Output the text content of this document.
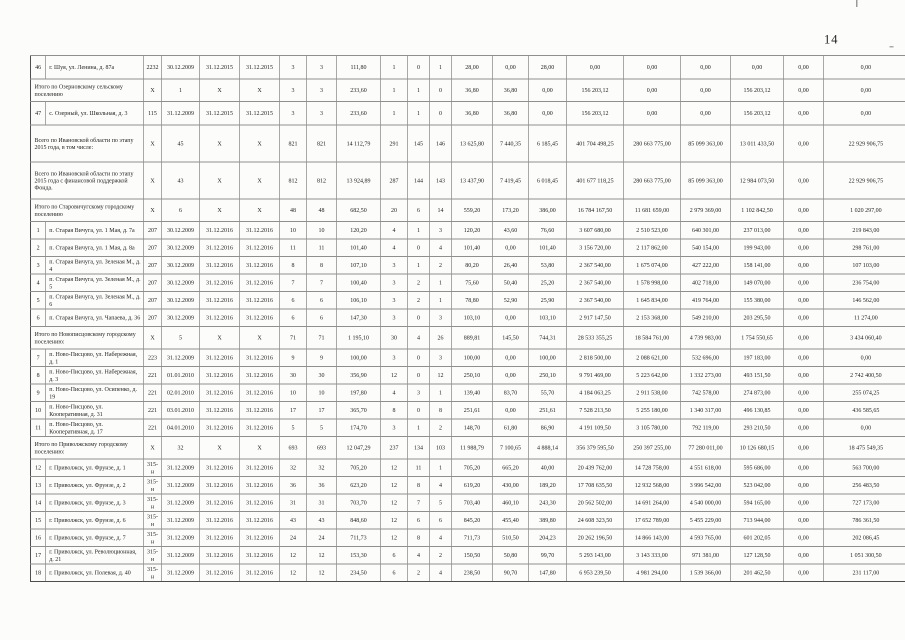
14
46	г. Шуя, ул. Ленина, д. 87а	2232	30.12.2009	31.12.2015	31.12.2015	3	3	111,80	1	0	1	28,00	0,00	28,00	0,00	0,00	0,00	0,00	0,00	0,00
Итого по Озерновскому сельскому поселению		X	1	X	X	3	3	233,60	1	1	0	36,80	36,80	0,00	156 203,12	0,00	0,00	156 203,12	0,00	0,00
47	с. Озерный, ул. Школьная, д. 3	115	31.12.2009	31.12.2015	31.12.2015	3	3	233,60	1	1	0	36,80	36,80	0,00	156 203,12	0,00	0,00	156 203,12	0,00	0,00
Всего по Ивановской области по этапу 2015 года, в том числе:		X	45	X	X	821	821	14 112,79	291	145	146	13 625,80	7 440,35	6 185,45	401 704 498,25	280 663 775,00	85 099 363,00	13 011 433,50	0,00	22 929 906,75
Всего по Ивановской области по этапу 2015 года с финансовой поддержкой Фонда.		X	43	X	X	812	812	13 924,89	287	144	143	13 437,90	7 419,45	6 018,45	401 677 118,25	280 663 775,00	85 099 363,00	12 984 073,50	0,00	22 929 906,75
Итого по Старовичугскому городскому поселению		X	6	X	X	48	48	682,50	20	6	14	559,20	173,20	386,00	16 784 167,50	11 681 659,00	2 979 369,00	1 102 842,50	0,00	1 020 297,00
1	п. Старая Вичуга, ул. 1 Мая, д. 7а	207	30.12.2009	31.12.2016	31.12.2016	10	10	120,20	4	1	3	120,20	43,60	76,60	3 607 680,00	2 510 523,00	640 301,00	237 013,00	0,00	219 843,00
2	п. Старая Вичуга, ул. 1 Мая, д. 8а	207	30.12.2009	31.12.2016	31.12.2016	11	11	101,40	4	0	4	101,40	0,00	101,40	3 156 720,00	2 117 862,00	540 154,00	199 943,00	0,00	298 761,00
3	п. Старая Вичуга, ул. Зеленая М., д. 4	207	30.12.2009	31.12.2016	31.12.2016	8	8	107,10	3	1	2	80,20	26,40	53,80	2 367 540,00	1 675 074,00	427 222,00	158 141,00	0,00	107 103,00
4	п. Старая Вичуга, ул. Зеленая М., д. 5	207	30.12.2009	31.12.2016	31.12.2016	7	7	100,40	3	2	1	75,60	50,40	25,20	2 367 540,00	1 578 998,00	402 718,00	149 070,00	0,00	236 754,00
5	п. Старая Вичуга, ул. Зеленая М., д. 6	207	30.12.2009	31.12.2016	31.12.2016	6	6	106,10	3	2	1	78,80	52,90	25,90	2 367 540,00	1 645 834,00	419 764,00	155 380,00	0,00	146 562,00
6	п. Старая Вичуга, ул. Чапаева, д. 36	207	30.12.2009	31.12.2016	31.12.2016	6	6	147,30	3	0	3	103,10	0,00	103,10	2 917 147,50	2 153 368,00	549 210,00	203 295,50	0,00	11 274,00
Итого по Новописцовскому городскому поселению:		X	5	X	X	71	71	1 195,10	30	4	26	889,81	145,50	744,31	28 533 355,25	18 584 761,00	4 739 983,00	1 754 550,65	0,00	3 434 060,40
7	п. Ново-Писцово, ул. Набережная, д. 1	223	31.12.2009	31.12.2016	31.12.2016	9	9	100,00	3	0	3	100,00	0,00	100,00	2 818 500,00	2 088 621,00	532 696,00	197 183,00	0,00	0,00
8	п. Ново-Писцово, ул. Набережная, д. 3	221	01.01.2010	31.12.2016	31.12.2016	30	30	356,90	12	0	12	250,10	0,00	250,10	9 791 469,00	5 223 642,00	1 332 273,00	493 151,50	0,00	2 742 400,50
9	п. Ново-Писцово, ул. Осипенко, д. 19	221	02.01.2010	31.12.2016	31.12.2016	10	10	197,80	4	3	1	139,40	83,70	55,70	4 184 063,25	2 911 538,00	742 578,00	274 873,00	0,00	255 074,25
10	п. Ново-Писцово, ул. Кооперативная, д. 31	221	03.01.2010	31.12.2016	31.12.2016	17	17	365,70	8	0	8	251,61	0,00	251,61	7 528 213,50	5 255 180,00	1 340 317,00	496 130,85	0,00	436 585,65
11	п. Ново-Писцово, ул. Кооперативная, д. 17	221	04.01.2010	31.12.2016	31.12.2016	5	5	174,70	3	1	2	148,70	61,80	86,90	4 191 109,50	3 105 780,00	792 119,00	293 210,50	0,00	0,00
Итого по Приволжскому городскому поселению:		X	32	X	X	693	693	12 047,29	237	134	103	11 988,79	7 100,65	4 888,14	356 379 595,50	250 397 255,00	77 280 011,00	10 126 680,15	0,00	18 475 549,35
12	г. Приволжск, ул. Фрунзе, д. 1	315-н	31.12.2009	31.12.2016	31.12.2016	32	32	705,20	12	11	1	705,20	665,20	40,00	20 439 762,00	14 728 758,00	4 551 618,00	595 686,00	0,00	563 700,00
13	г. Приволжск, ул. Фрунзе, д. 2	315-н	31.12.2009	31.12.2016	31.12.2016	36	36	623,20	12	8	4	619,20	430,00	189,20	17 708 635,50	12 932 568,00	3 996 542,00	523 042,00	0,00	256 483,50
14	г. Приволжск, ул. Фрунзе, д. 3	315-н	31.12.2009	31.12.2016	31.12.2016	31	31	703,70	12	7	5	703,40	460,10	243,30	20 562 502,00	14 691 264,00	4 540 000,00	594 165,00	0,00	727 173,00
15	г. Приволжск, ул. Фрунзе, д. 6	315-н	31.12.2009	31.12.2016	31.12.2016	43	43	848,60	12	6	6	845,20	455,40	389,80	24 608 323,50	17 652 789,00	5 455 229,00	713 944,00	0,00	786 361,50
16	г. Приволжск, ул. Фрунзе, д. 7	315-н	31.12.2009	31.12.2016	31.12.2016	24	24	711,73	12	8	4	711,73	510,50	204,23	20 262 196,50	14 866 143,00	4 593 765,00	601 202,05	0,00	202 086,45
17	г. Приволжск, ул. Революционная, д. 21	315-н	31.12.2009	31.12.2016	31.12.2016	12	12	153,30	6	4	2	150,50	50,80	99,70	5 293 143,00	3 143 333,00	971 381,00	127 128,50	0,00	1 051 300,50
18	г. Приволжск, ул. Полевая, д. 40	315-н	31.12.2009	31.12.2016	31.12.2016	12	12	234,50	6	2	4	238,50	90,70	147,80	6 953 239,50	4 981 294,00	1 539 366,00	201 462,50	0,00	231 117,00
